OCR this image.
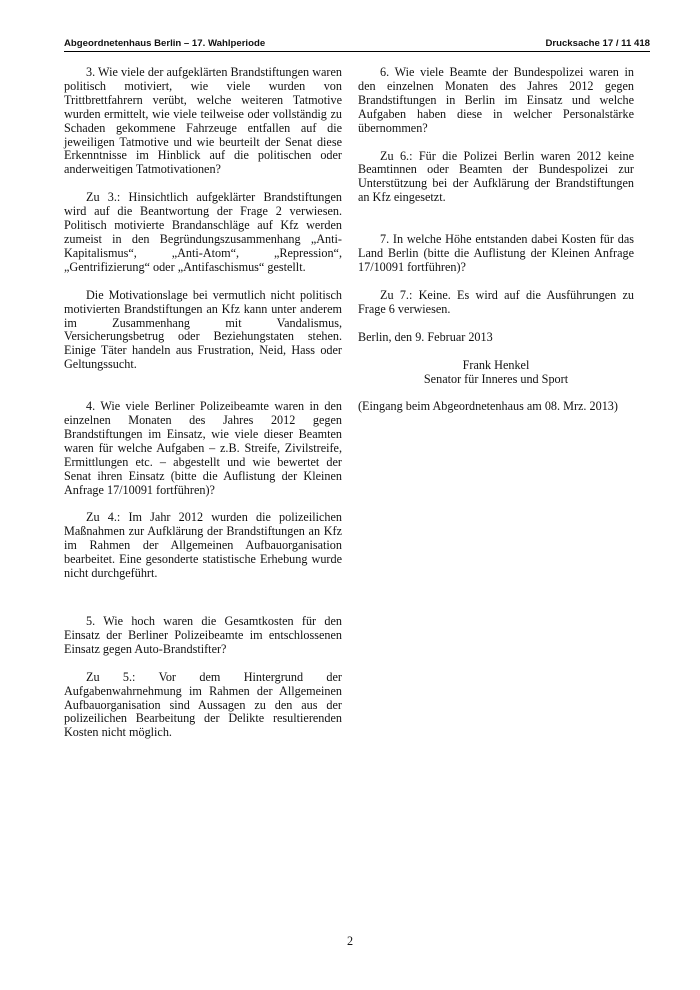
Abgeordnetenhaus Berlin – 17. Wahlperiode	Drucksache 17 / 11 418

3. Wie viele der aufgeklärten Brandstiftungen waren politisch motiviert, wie viele wurden von Trittbrettfahrern verübt, welche weiteren Tatmotive wurden ermittelt, wie viele teilweise oder vollständig zu Schaden gekommene Fahrzeuge entfallen auf die jeweiligen Tatmotive und wie beurteilt der Senat diese Erkenntnisse im Hinblick auf die politischen oder anderweitigen Tatmotivationen?

Zu 3.: Hinsichtlich aufgeklärter Brandstiftungen wird auf die Beantwortung der Frage 2 verwiesen. Politisch motivierte Brandanschläge auf Kfz werden zumeist in den Begründungszusammenhang „Anti-Kapitalismus“, „Anti-Atom“, „Repression“, „Gentrifizierung“ oder „Antifaschismus“ gestellt.

Die Motivationslage bei vermutlich nicht politisch motivierten Brandstiftungen an Kfz kann unter anderem im Zusammenhang mit Vandalismus, Versicherungsbetrug oder Beziehungstaten stehen. Einige Täter handeln aus Frustration, Neid, Hass oder Geltungssucht.

4. Wie viele Berliner Polizeibeamte waren in den einzelnen Monaten des Jahres 2012 gegen Brandstiftungen im Einsatz, wie viele dieser Beamten waren für welche Aufgaben – z.B. Streife, Zivilstreife, Ermittlungen etc. – abgestellt und wie bewertet der Senat ihren Einsatz (bitte die Auflistung der Kleinen Anfrage 17/10091 fortführen)?

Zu 4.: Im Jahr 2012 wurden die polizeilichen Maßnahmen zur Aufklärung der Brandstiftungen an Kfz im Rahmen der Allgemeinen Aufbauorganisation bearbeitet. Eine gesonderte statistische Erhebung wurde nicht durchgeführt.

5. Wie hoch waren die Gesamtkosten für den Einsatz der Berliner Polizeibeamte im entschlossenen Einsatz gegen Auto-Brandstifter?

Zu 5.: Vor dem Hintergrund der Aufgabenwahrnehmung im Rahmen der Allgemeinen Aufbauorganisation sind Aussagen zu den aus der polizeilichen Bearbeitung der Delikte resultierenden Kosten nicht möglich.

6. Wie viele Beamte der Bundespolizei waren in den einzelnen Monaten des Jahres 2012 gegen Brandstiftungen in Berlin im Einsatz und welche Aufgaben haben diese in welcher Personalstärke übernommen?

Zu 6.: Für die Polizei Berlin waren 2012 keine Beamtinnen oder Beamten der Bundespolizei zur Unterstützung bei der Aufklärung der Brandstiftungen an Kfz eingesetzt.

7. In welche Höhe entstanden dabei Kosten für das Land Berlin (bitte die Auflistung der Kleinen Anfrage 17/10091 fortführen)?

Zu 7.: Keine. Es wird auf die Ausführungen zu Frage 6 verwiesen.

Berlin, den 9. Februar 2013

Frank Henkel

Senator für Inneres und Sport

(Eingang beim Abgeordnetenhaus am 08. Mrz. 2013)

2
